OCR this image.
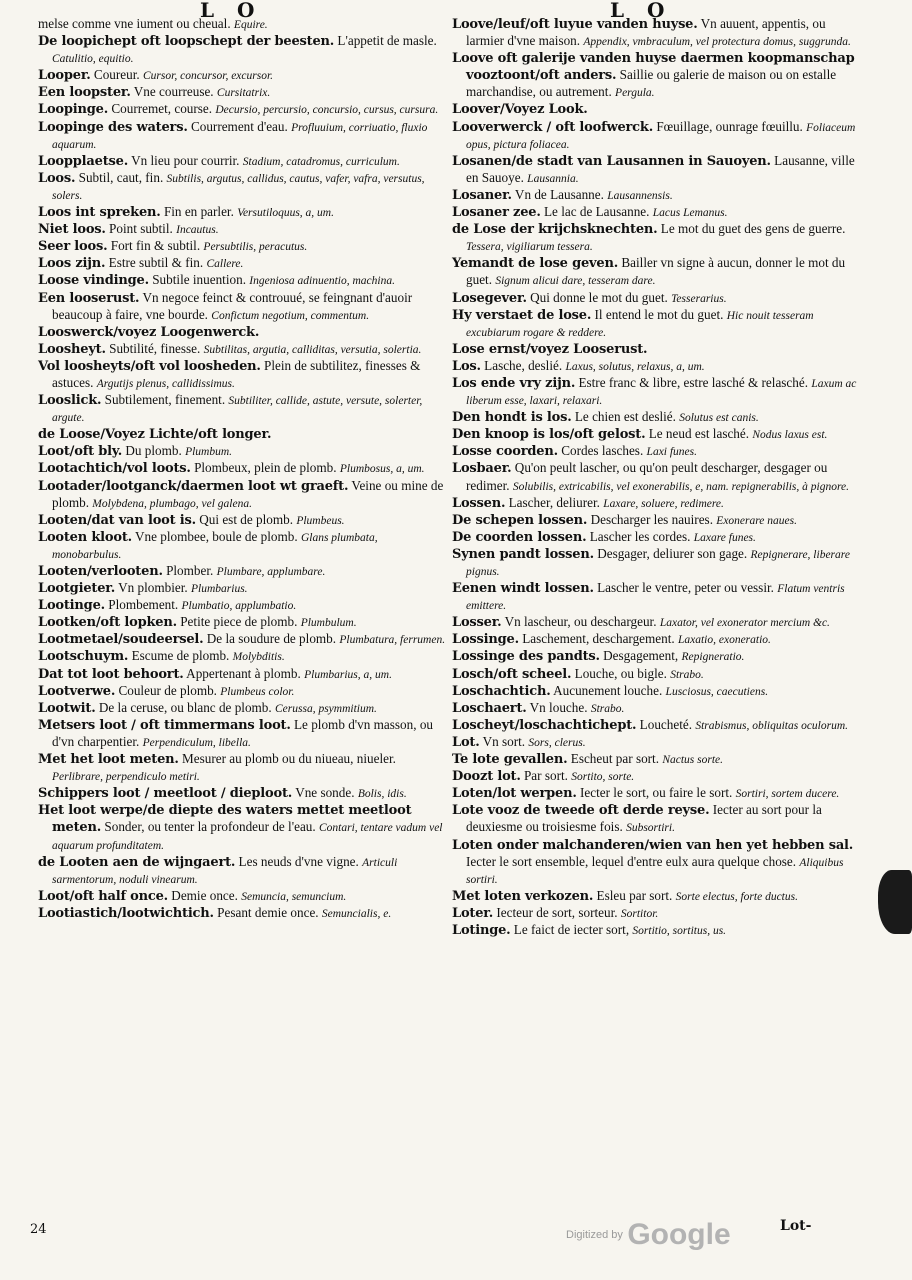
L O	L O

melse comme vne iument ou cheual. Equire.

De loopichept oft loopschept der beesten. L'appetit de masle. Catulitio, equitio.

Looper. Coureur. Cursor, concursor, excursor.

Een loopster. Vne courreuse. Cursitatrix.

Loopinge. Courremet, course. Decursio, percursio, concursio, cursus, cursura.

Loopinge des waters. Courrement d'eau. Profluuium, corriuatio, fluxio aquarum.

Loopplaetse. Vn lieu pour courrir. Stadium, catadromus, curriculum.

Loos. Subtil, caut, fin. Subtilis, argutus, callidus, cautus, vafer, vafra, versutus, solers.

Loos int spreken. Fin en parler. Versutiloquus, a, um.

Niet loos. Point subtil. Incautus.

Seer loos. Fort fin & subtil. Persubtilis, peracutus.

Loos zijn. Estre subtil & fin. Callere.

Loose vindinge. Subtile inuention. Ingeniosa adinuentio, machina.

Een looserust. Vn negoce feinct & controuué, se feingnant d'auoir beaucoup à faire, vne bourde. Confictum negotium, commentum.

Looswerck/voyez Loogenwerck.

Loosheyt. Subtilité, finesse. Subtilitas, argutia, calliditas, versutia, solertia.

Vol loosheyts/oft vol loosheden. Plein de subtilitez, finesses & astuces. Argutijs plenus, callidissimus.

Looslick. Subtilement, finement. Subtiliter, callide, astute, versute, solerter, argute.

de Loose/Voyez Lichte/oft longer.

Loot/oft bly. Du plomb. Plumbum.

Lootachtich/vol loots. Plombeux, plein de plomb. Plumbosus, a, um.

Lootader/lootganck/daermen loot wt graeft. Veine ou mine de plomb. Molybdena, plumbago, vel galena.

Looten/dat van loot is. Qui est de plomb. Plumbeus.

Looten kloot. Vne plombee, boule de plomb. Glans plumbata, monobarbulus.

Looten/verlooten. Plomber. Plumbare, applumbare.

Lootgieter. Vn plombier. Plumbarius.

Lootinge. Plombement. Plumbatio, applumbatio.

Lootken/oft lopken. Petite piece de plomb. Plumbulum.

Lootmetael/soudeersel. De la soudure de plomb. Plumbatura, ferrumen.

Lootschuym. Escume de plomb. Molybditis.

Dat tot loot behoort. Appertenant à plomb. Plumbarius, a, um.

Lootverwe. Couleur de plomb. Plumbeus color.

Lootwit. De la ceruse, ou blanc de plomb. Cerussa, psymmitium.

Metsers loot / oft timmermans loot. Le plomb d'vn masson, ou d'vn charpentier. Perpendiculum, libella.

Met het loot meten. Mesurer au plomb ou du niueau, niueler. Perlibrare, perpendiculo metiri.

Schippers loot / meetloot / dieploot. Vne sonde. Bolis, idis.

Het loot werpe/de diepte des waters mettet meetloot meten. Sonder, ou tenter la profondeur de l'eau. Contari, tentare vadum vel aquarum profunditatem.

de Looten aen de wijngaert. Les neuds d'vne vigne. Articuli sarmentorum, noduli vinearum.

Loot/oft half once. Demie once. Semuncia, semuncium.

Lootiastich/lootwichtich. Pesant demie once. Semuncialis, e.

Loove/leuf/oft luyue vanden huyse. Vn auuent, appentis, ou larmier d'vne maison. Appendix, vmbraculum, vel protectura domus, suggrunda.

Loove oft galerije vanden huyse daermen koopmanschap vooztoont/oft anders. Saillie ou galerie de maison ou on estalle marchandise, ou autrement. Pergula.

Loover/Voyez Look.

Looverwerck / oft loofwerck. Fœuillage, ounrage fœuillu. Foliaceum opus, pictura foliacea.

Losanen/de stadt van Lausannen in Sauoyen. Lausanne, ville en Sauoye. Lausannia.

Losaner. Vn de Lausanne. Lausannensis.

Losaner zee. Le lac de Lausanne. Lacus Lemanus.

de Lose der krijchsknechten. Le mot du guet des gens de guerre. Tessera, vigiliarum tessera.

Yemandt de lose geven. Bailler vn signe à aucun, donner le mot du guet. Signum alicui dare, tesseram dare.

Losegever. Qui donne le mot du guet. Tesserarius.

Hy verstaet de lose. Il entend le mot du guet. Hic nouit tesseram excubiarum rogare & reddere.

Lose ernst/voyez Looserust.

Los. Lasche, deslié. Laxus, solutus, relaxus, a, um.

Los ende vry zijn. Estre franc & libre, estre lasché & relasché. Laxum ac liberum esse, laxari, relaxari.

Den hondt is los. Le chien est deslié. Solutus est canis.

Den knoop is los/oft gelost. Le neud est lasché. Nodus laxus est.

Losse coorden. Cordes lasches. Laxi funes.

Losbaer. Qu'on peult lascher, ou qu'on peult descharger, desgager ou redimer. Solubilis, extricabilis, vel exonerabilis, e, nam. repignerabilis, à pignore.

Lossen. Lascher, deliurer. Laxare, soluere, redimere.

De schepen lossen. Descharger les nauires. Exonerare naues.

De coorden lossen. Lascher les cordes. Laxare funes.

Synen pandt lossen. Desgager, deliurer son gage. Repignerare, liberare pignus.

Eenen windt lossen. Lascher le ventre, peter ou vessir. Flatum ventris emittere.

Losser. Vn lascheur, ou deschargeur. Laxator, vel exonerator mercium &c.

Lossinge. Laschement, deschargement. Laxatio, exoneratio.

Lossinge des pandts. Desgagement, Repigneratio.

Losch/oft scheel. Louche, ou bigle. Strabo.

Loschachtich. Aucunement louche. Lusciosus, caecutiens.

Loschaert. Vn louche. Strabo.

Loscheyt/loschachtichept. Loucheté. Strabismus, obliquitas oculorum.

Lot. Vn sort. Sors, clerus.

Te lote gevallen. Escheut par sort. Nactus sorte.

Doozt lot. Par sort. Sortito, sorte.

Loten/lot werpen. Iecter le sort, ou faire le sort. Sortiri, sortem ducere.

Lote vooz de tweede oft derde reyse. Iecter au sort pour la deuxiesme ou troisiesme fois. Subsortiri.

Loten onder malchanderen/wien van hen yet hebben sal. Iecter le sort ensemble, lequel d'entre eulx aura quelque chose. Aliquibus sortiri.

Met loten verkozen. Esleu par sort. Sorte electus, forte ductus.

Loter. Iecteur de sort, sorteur. Sortitor.

Lotinge. Le faict de iecter sort, Sortitio, sortitus, us.

24	Lot-
Digitized by Google
